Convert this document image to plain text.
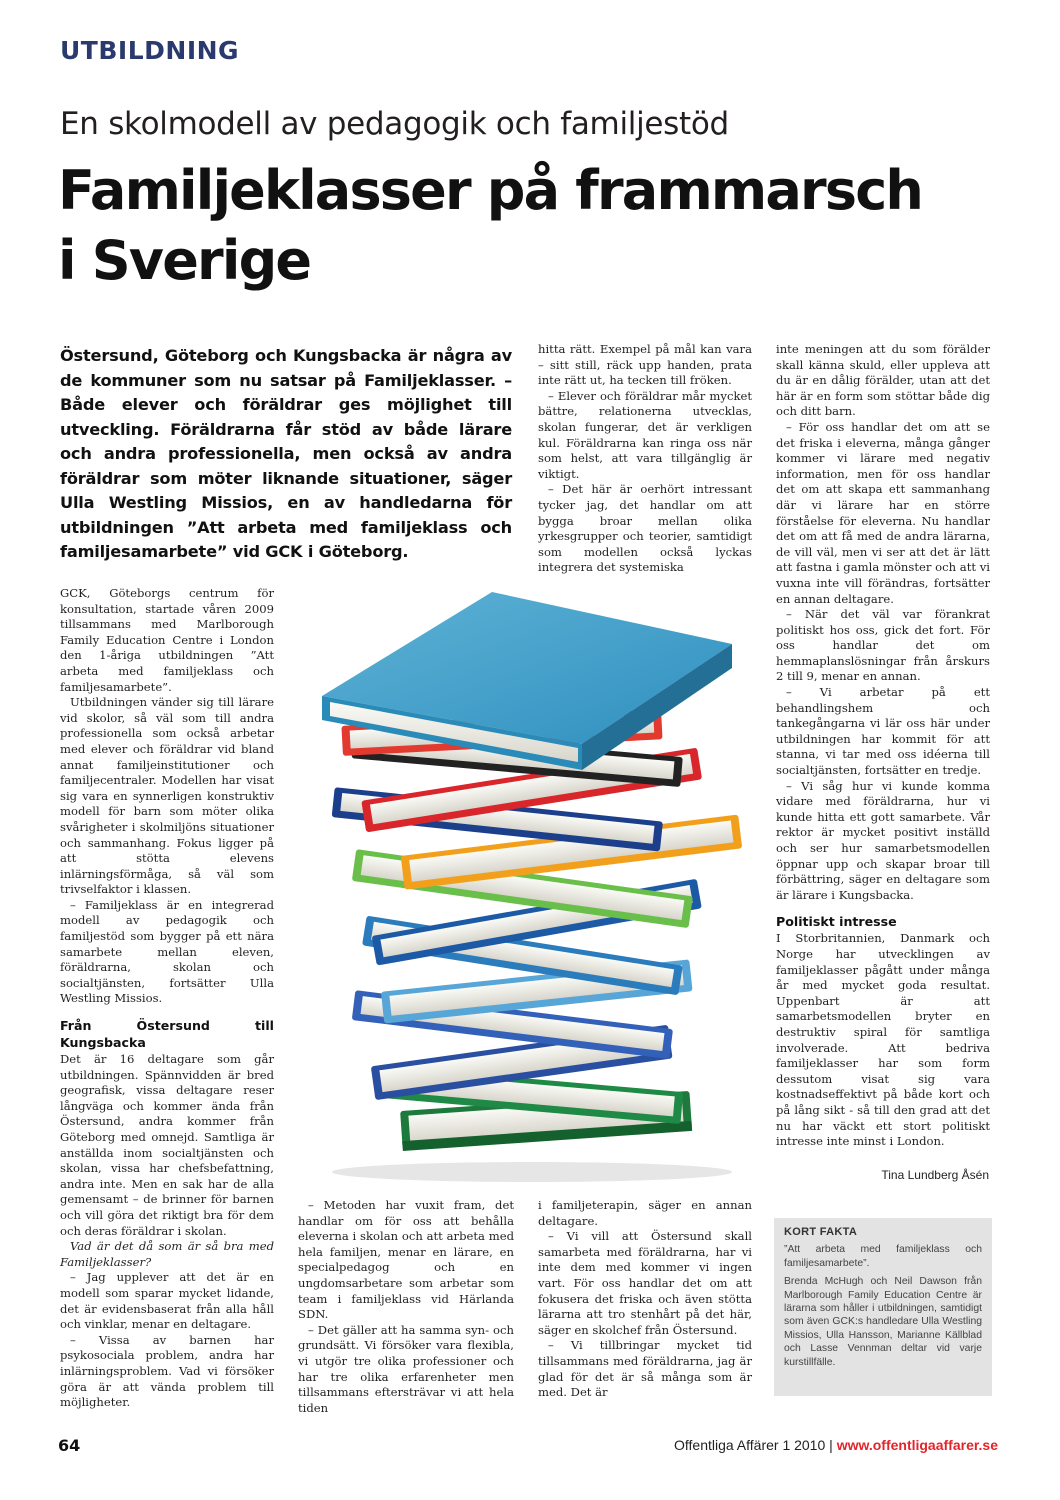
UTBILDNING
En skolmodell av pedagogik och familjestöd
Familjeklasser på frammarsch
i Sverige

Östersund, Göteborg och Kungsbacka är några av de kommuner som nu satsar på Familjeklasser. – Både elever och föräldrar ges möjlighet till utveckling. Föräldrarna får stöd av både lärare och andra professionella, men också av andra föräldrar som möter liknande situationer, säger Ulla Westling Missios, en av handledarna för utbildningen ”Att arbeta med familjeklass och familjesamarbete” vid GCK i Göteborg.

GCK, Göteborgs centrum för konsultation, startade våren 2009 tillsammans med Marlborough Family Education Centre i London den 1-åriga utbildningen ”Att arbeta med familjeklass och familjesamarbete”.

Utbildningen vänder sig till lärare vid skolor, så väl som till andra professionella som också arbetar med elever och föräldrar vid bland annat familjeinstitutioner och familjecentraler. Modellen har visat sig vara en synnerligen konstruktiv modell för barn som möter olika svårigheter i skolmiljöns situationer och sammanhang. Fokus ligger på att stötta elevens inlärningsförmåga, så väl som trivselfaktor i klassen.

– Familjeklass är en integrerad modell av pedagogik och familjestöd som bygger på ett nära samarbete mellan eleven, föräldrarna, skolan och socialtjänsten, fortsätter Ulla Westling Missios.

Från Östersund till Kungsbacka

Det är 16 deltagare som går utbildningen. Spännvidden är bred geografisk, vissa deltagare reser långväga och kommer ända från Östersund, andra kommer från Göteborg med omnejd. Samtliga är anställda inom socialtjänsten och skolan, vissa har chefsbefattning, andra inte. Men en sak har de alla gemensamt – de brinner för barnen och vill göra det riktigt bra för dem och deras föräldrar i skolan.

Vad är det då som är så bra med Familjeklasser?

– Jag upplever att det är en modell som sparar mycket lidande, det är evidensbaserat från alla håll och vinklar, menar en deltagare.

– Vissa av barnen har psykosociala problem, andra har inlärningsproblem. Vad vi försöker göra är att vända problem till möjligheter.

hitta rätt. Exempel på mål kan vara – sitt still, räck upp handen, prata inte rätt ut, ha tecken till fröken.

– Elever och föräldrar mår mycket bättre, relationerna utvecklas, skolan fungerar, det är verkligen kul. Föräldrarna kan ringa oss när som helst, att vara tillgänglig är viktigt.

– Det här är oerhört intressant tycker jag, det handlar om att bygga broar mellan olika yrkesgrupper och teorier, samtidigt som modellen också lyckas integrera det systemiska

– Metoden har vuxit fram, det handlar om för oss att behålla eleverna i skolan och att arbeta med hela familjen, menar en lärare, en specialpedagog och en ungdomsarbetare som arbetar som team i familjeklass vid Härlanda SDN.

– Det gäller att ha samma syn- och grundsätt. Vi försöker vara flexibla, vi utgör tre olika professioner och har tre olika erfarenheter men tillsammans eftersträvar vi att hela tiden

i familjeterapin, säger en annan deltagare.

– Vi vill att Östersund skall samarbeta med föräldrarna, har vi inte dem med kommer vi ingen vart. För oss handlar det om att fokusera det friska och även stötta lärarna att tro stenhårt på det här, säger en skolchef från Östersund.

– Vi tillbringar mycket tid tillsammans med föräldrarna, jag är glad för det är så många som är med. Det är

inte meningen att du som förälder skall känna skuld, eller uppleva att du är en dålig förälder, utan att det här är en form som stöttar både dig och ditt barn.

– För oss handlar det om att se det friska i eleverna, många gånger kommer vi lärare med negativ information, men för oss handlar det om att skapa ett sammanhang där vi lärare har en större förståelse för eleverna. Nu handlar det om att få med de andra lärarna, de vill väl, men vi ser att det är lätt att fastna i gamla mönster och att vi vuxna inte vill förändras, fortsätter en annan deltagare.

– När det väl var förankrat politiskt hos oss, gick det fort. För oss handlar det om hemmaplanslösningar från årskurs 2 till 9, menar en annan.

– Vi arbetar på ett behandlingshem och tankegångarna vi lär oss här under utbildningen har kommit för att stanna, vi tar med oss idéerna till socialtjänsten, fortsätter en tredje.

– Vi såg hur vi kunde komma vidare med föräldrarna, hur vi kunde hitta ett gott samarbete. Vår rektor är mycket positivt inställd och ser hur samarbetsmodellen öppnar upp och skapar broar till förbättring, säger en deltagare som är lärare i Kungsbacka.

Politiskt intresse

I Storbritannien, Danmark och Norge har utvecklingen av familjeklasser pågått under många år med mycket goda resultat. Uppenbart är att samarbetsmodellen bryter en destruktiv spiral för samtliga involverade. Att bedriva familjeklasser har som form dessutom visat sig vara kostnadseffektivt på både kort och på lång sikt - så till den grad att det nu har väckt ett stort politiskt intresse inte minst i London.

Tina Lundberg Åsén
KORT FAKTA

”Att arbeta med familjeklass och familjesamarbete”.

Brenda McHugh och Neil Dawson från Marlborough Family Education Centre är lärarna som håller i utbildningen, samtidigt som även GCK:s handledare Ulla Westling Missios, Ulla Hansson, Marianne Källblad och Lasse Vennman deltar vid varje kurstillfälle.

64	Offentliga Affärer 1 2010 | www.offentligaaffarer.se
